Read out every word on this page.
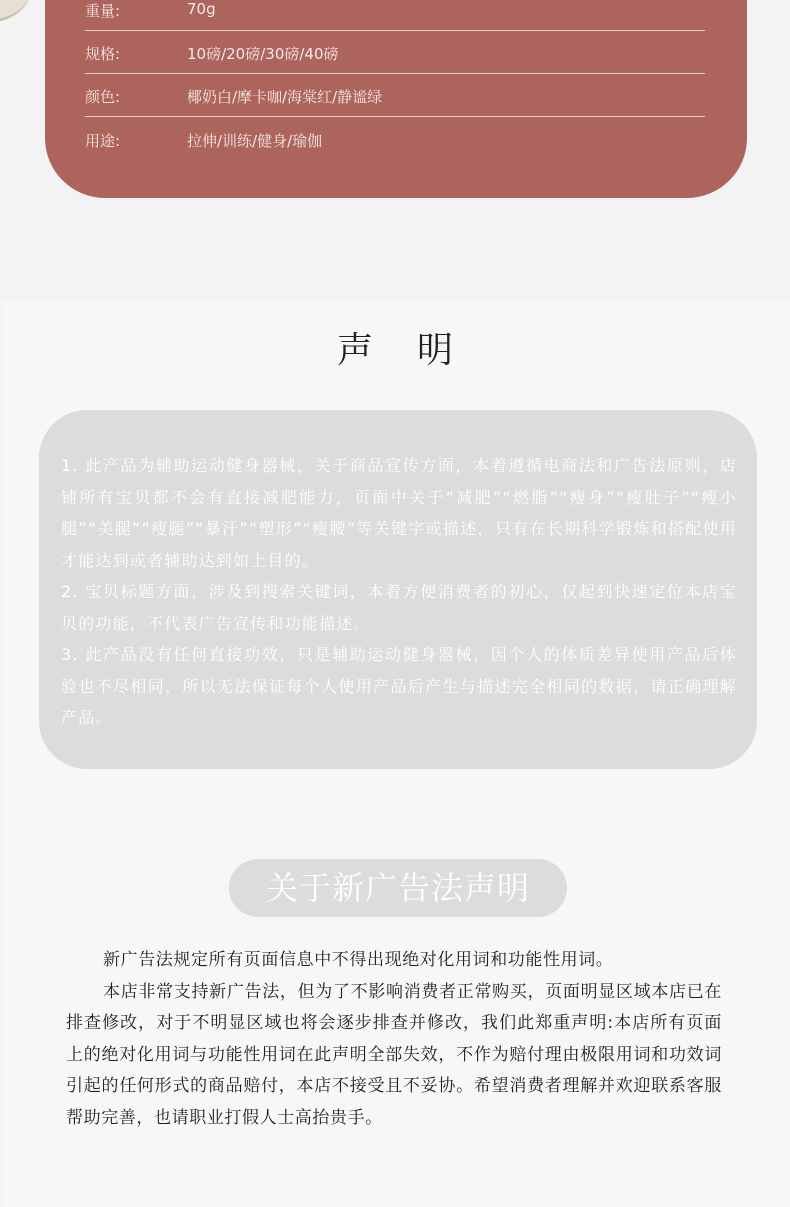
重量:	70g
规格:	10磅/20磅/30磅/40磅
颜色:	椰奶白/摩卡咖/海棠红/静谧绿
用途:	拉伸/训练/健身/瑜伽
声明

1. 此产品为辅助运动健身器械，关于商品宣传方面，本着遵循电商法和广告法原则，店铺所有宝贝都不会有直接减肥能力，页面中关于“减肥”“燃脂”“瘦身”“瘦肚子”“瘦小腿”“美腿”“瘦腿”“暴汗”“塑形”“瘦腰”等关键字或描述，只有在长期科学锻炼和搭配使用才能达到或者辅助达到如上目的。

2. 宝贝标题方面，涉及到搜索关键词，本着方便消费者的初心，仅起到快速定位本店宝贝的功能，不代表广告宣传和功能描述。

3. 此产品没有任何直接功效，只是辅助运动健身器械，因个人的体质差异使用产品后体验也不尽相同，所以无法保证每个人使用产品后产生与描述完全相同的数据，请正确理解产品。

关于新广告法声明

新广告法规定所有页面信息中不得出现绝对化用词和功能性用词。

本店非常支持新广告法，但为了不影响消费者正常购买，页面明显区域本店已在排查修改，对于不明显区域也将会逐步排查并修改，我们此郑重声明:本店所有页面上的绝对化用词与功能性用词在此声明全部失效，不作为赔付理由极限用词和功效词引起的任何形式的商品赔付，本店不接受且不妥协。希望消费者理解并欢迎联系客服帮助完善，也请职业打假人士高抬贵手。
